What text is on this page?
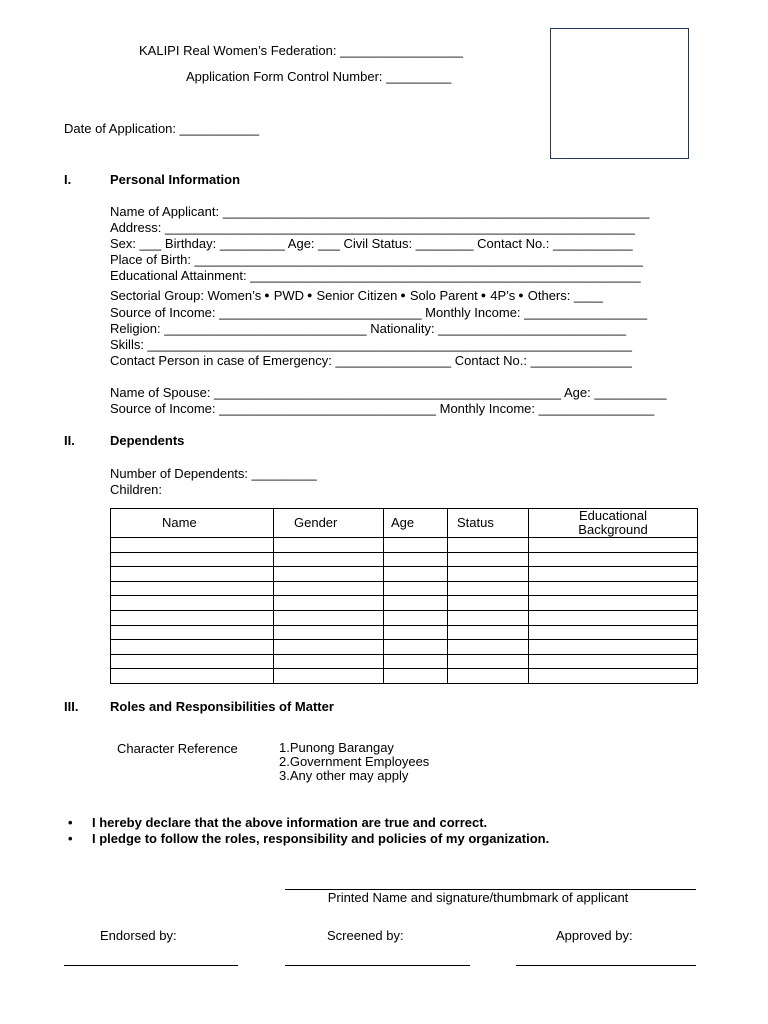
KALIPI Real Women’s Federation: _________________
Application Form Control Number: _________
Date of Application: ___________
I.	Personal Information
Name of Applicant: ___________________________________________________________
Address: _________________________________________________________________
Sex: ___ Birthday: _________ Age: ___ Civil Status: ________ Contact No.: ___________
Place of Birth: ______________________________________________________________
Educational Attainment: ______________________________________________________
Sectorial Group: Women’s ● PWD ● Senior Citizen ● Solo Parent ● 4P’s ● Others: ____
Source of Income: ____________________________ Monthly Income: _________________
Religion: ____________________________ Nationality: __________________________
Skills: ___________________________________________________________________
Contact Person in case of Emergency: ________________ Contact No.: ______________
Name of Spouse: ________________________________________________ Age: __________
Source of Income: ______________________________ Monthly Income: ________________
II.	Dependents
Number of Dependents: _________
Children:
Name	Gender	Age	Status	Educational Background

III. Roles and Responsibilities of Matter
Character Reference	1.Punong Barangay
2.Government Employees
3.Any other may apply
• I hereby declare that the above information are true and correct.
• I pledge to follow the roles, responsibility and policies of my organization.
Printed Name and signature/thumbmark of applicant
Endorsed by:	Screened by:	Approved by:
